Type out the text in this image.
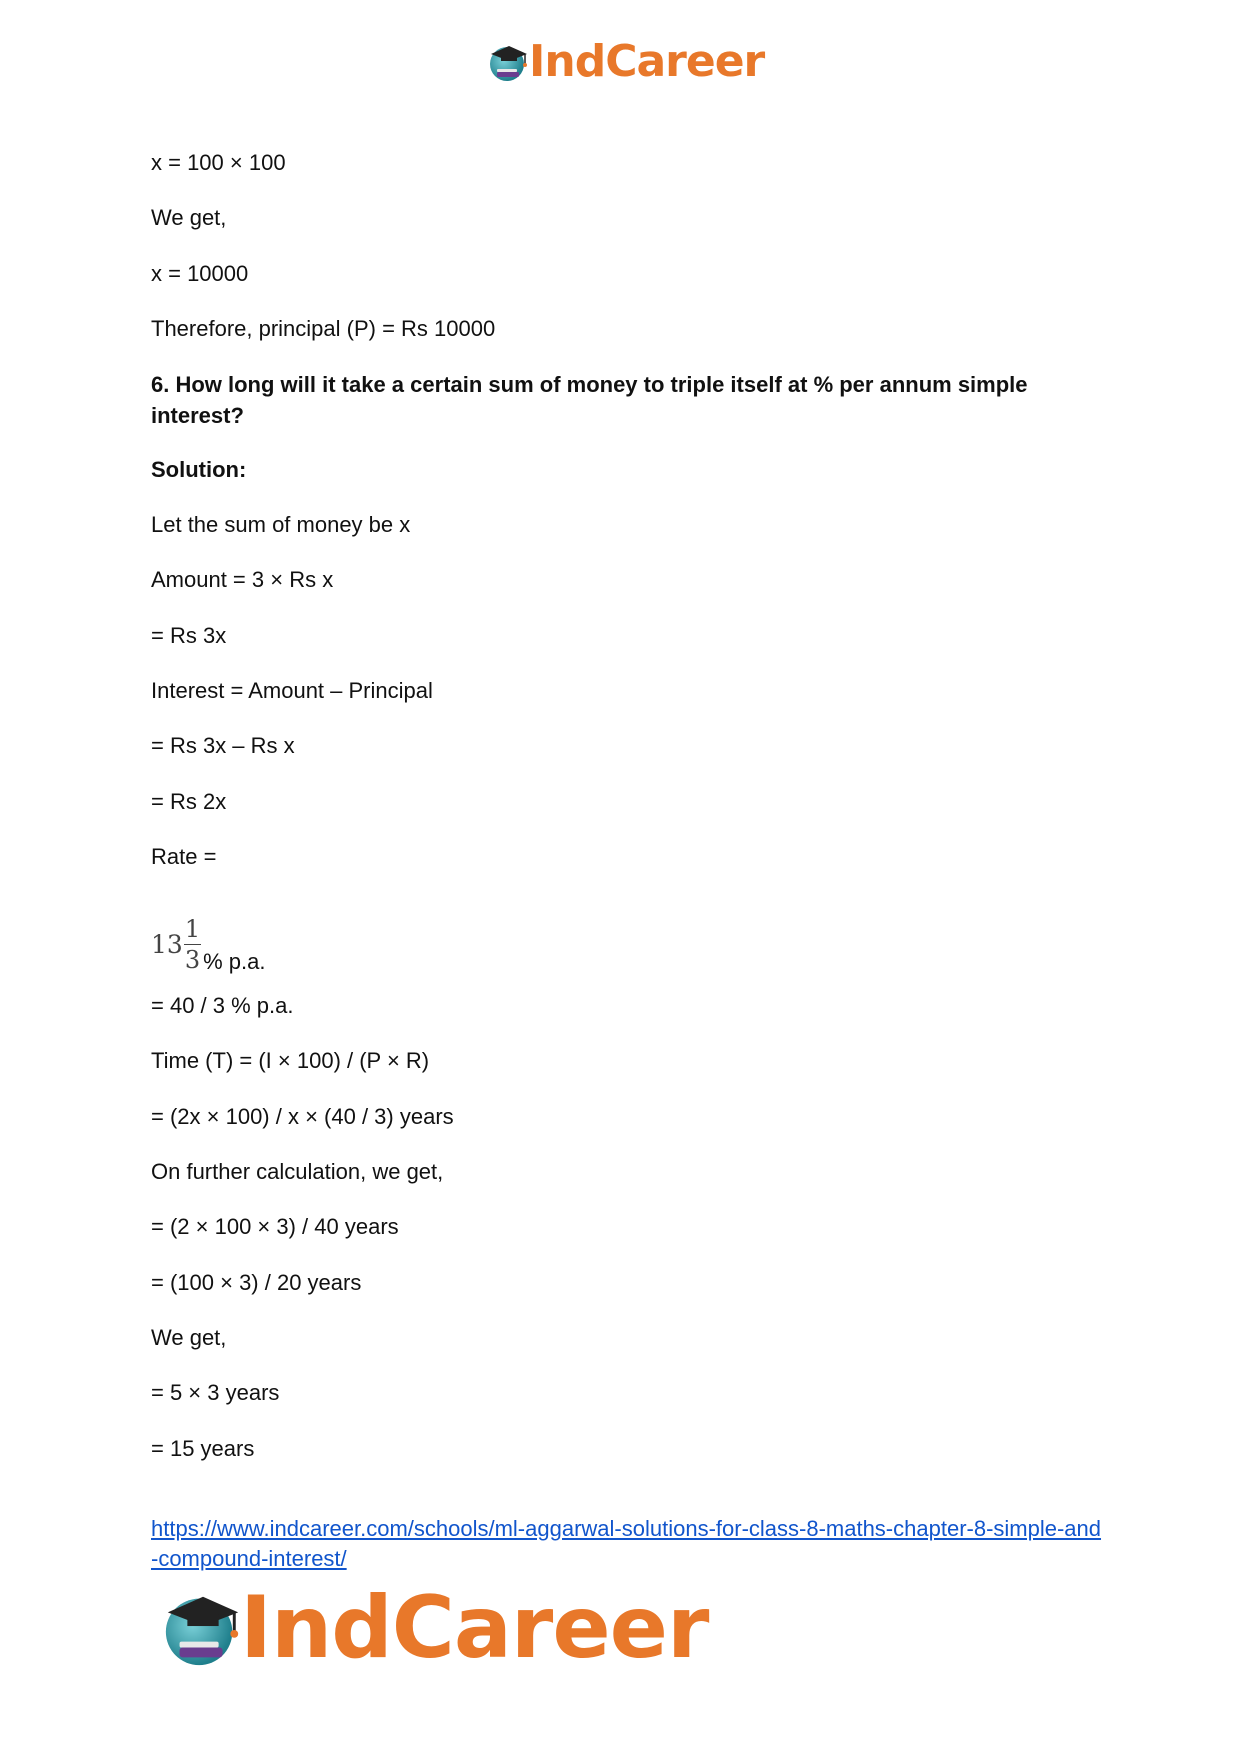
IndCareer
x = 100 × 100
We get,
x = 10000
Therefore, principal (P) = Rs 10000
6. How long will it take a certain sum of money to triple itself at % per annum simple interest?
Solution:
Let the sum of money be x
Amount = 3 × Rs x
= Rs 3x
Interest = Amount – Principal
= Rs 3x – Rs x
= Rs 2x
Rate =
$13 \frac{1}{3}$ % p.a.
= 40 / 3 % p.a.
Time (T) = (I × 100) / (P × R)
= (2x × 100) / x × (40 / 3) years
On further calculation, we get,
= (2 × 100 × 3) / 40 years
= (100 × 3) / 20 years
We get,
= 5 × 3 years
= 15 years
https://www.indcareer.com/schools/ml-aggarwal-solutions-for-class-8-maths-chapter-8-simple-and-compound-interest/
IndCareer
